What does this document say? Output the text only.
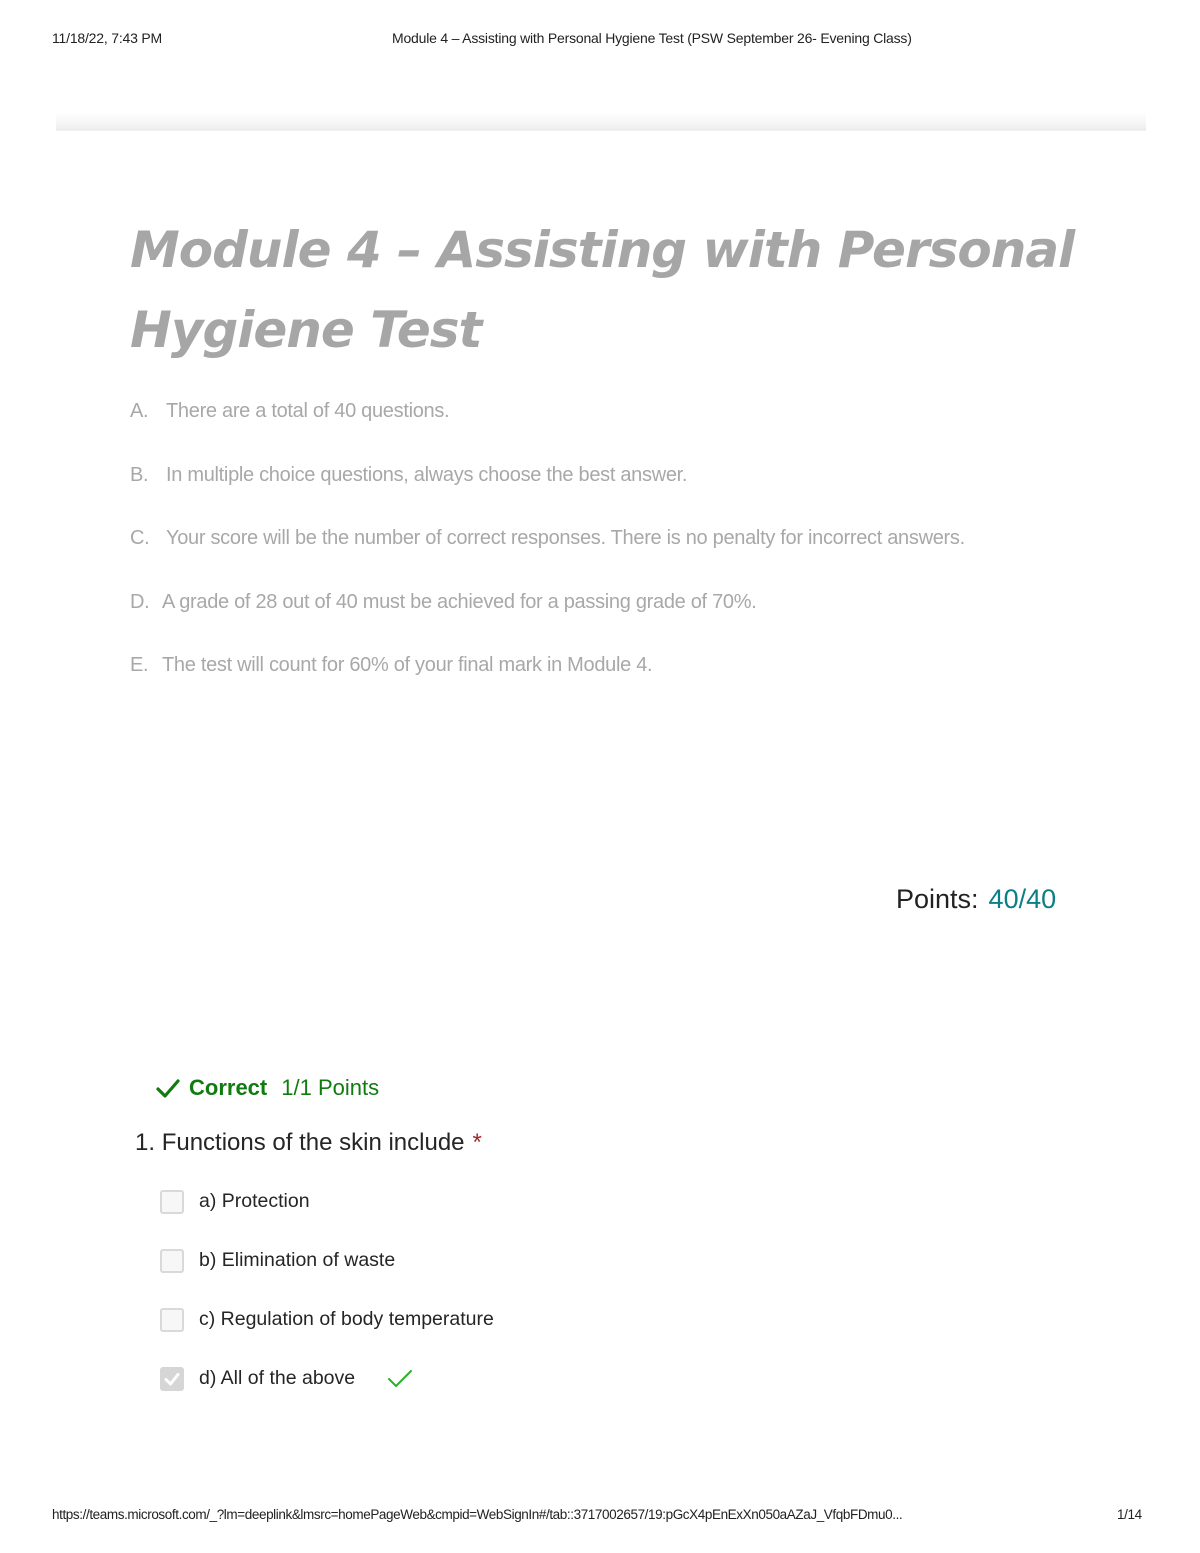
11/18/22, 7:43 PM	Module 4 – Assisting with Personal Hygiene Test (PSW September 26- Evening Class)
Module 4 – Assisting with Personal Hygiene Test
A. There are a total of 40 questions.
B. In multiple choice questions, always choose the best answer.
C. Your score will be the number of correct responses. There is no penalty for incorrect answers.
D. A grade of 28 out of 40 must be achieved for a passing grade of 70%.
E. The test will count for 60% of your final mark in Module 4.
Points: 40/40
Correct 1/1 Points
1.
Functions of the skin include *
a) Protection
b) Elimination of waste
c) Regulation of body temperature
d) All of the above
https://teams.microsoft.com/_?lm=deeplink&lmsrc=homePageWeb&cmpid=WebSignIn#/tab::3717002657/19:pGcX4pEnExXn050aAZaJ_VfqbFDmu0...	1/14
